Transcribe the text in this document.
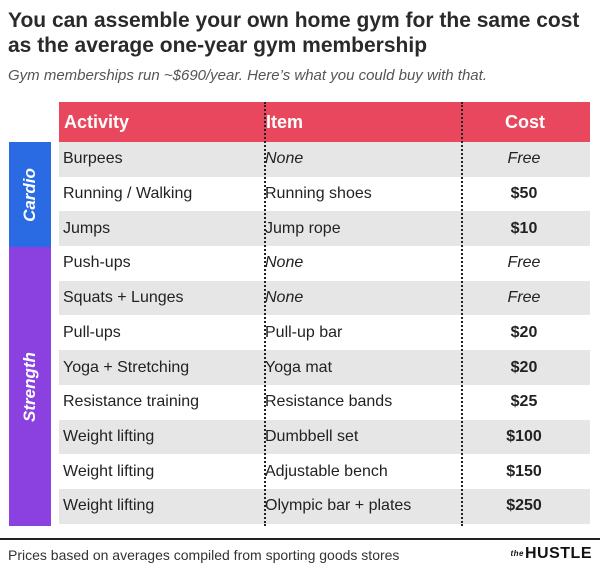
You can assemble your own home gym for the same cost as the average one-year gym membership
Gym memberships run ~$690/year. Here’s what you could buy with that.
Activity	Item	Cost
Cardio
Strength
Burpees	None	Free
Running / Walking	Running shoes	$50
Jumps	Jump rope	$10
Push-ups	None	Free
Squats + Lunges	None	Free
Pull-ups	Pull-up bar	$20
Yoga + Stretching	Yoga mat	$20
Resistance training	Resistance bands	$25
Weight lifting	Dumbbell set	$100
Weight lifting	Adjustable bench	$150
Weight lifting	Olympic bar + plates	$250
Prices based on averages compiled from sporting goods stores	theHUSTLE
